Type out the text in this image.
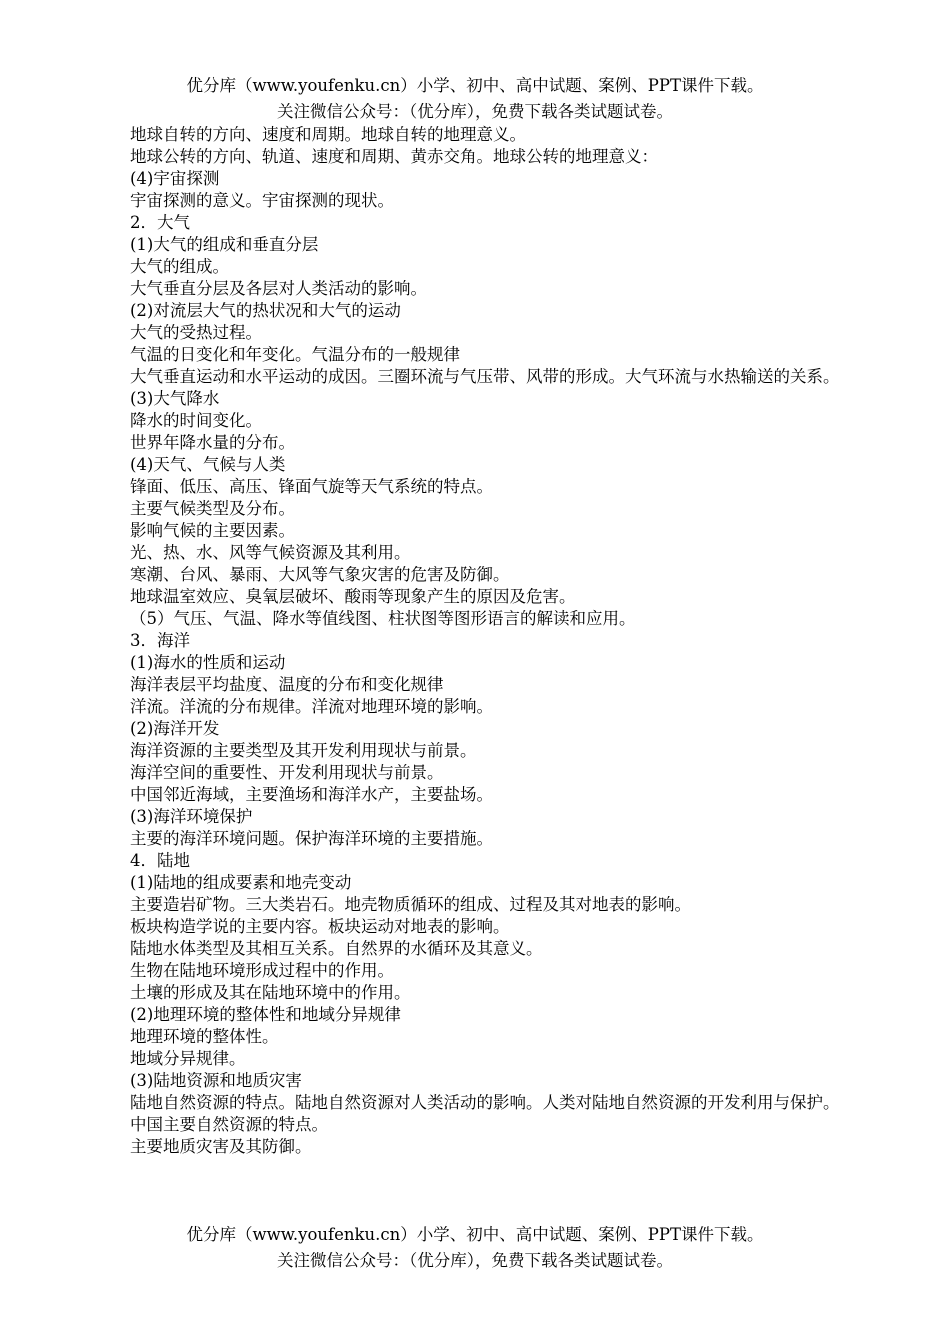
优分库（www.youfenku.cn）小学、初中、高中试题、案例、PPT课件下载。
关注微信公众号：（优分库），免费下载各类试题试卷。
地球自转的方向、速度和周期。地球自转的地理意义。
地球公转的方向、轨道、速度和周期、黄赤交角。地球公转的地理意义：
(4)宇宙探测
宇宙探测的意义。宇宙探测的现状。
2．大气
(1)大气的组成和垂直分层
大气的组成。
大气垂直分层及各层对人类活动的影响。
(2)对流层大气的热状况和大气的运动
大气的受热过程。
气温的日变化和年变化。气温分布的一般规律
大气垂直运动和水平运动的成因。三圈环流与气压带、风带的形成。大气环流与水热输送的关系。
(3)大气降水
降水的时间变化。
世界年降水量的分布。
(4)天气、气候与人类
锋面、低压、高压、锋面气旋等天气系统的特点。
主要气候类型及分布。
影响气候的主要因素。
光、热、水、风等气候资源及其利用。
寒潮、台风、暴雨、大风等气象灾害的危害及防御。
地球温室效应、臭氧层破坏、酸雨等现象产生的原因及危害。
（5）气压、气温、降水等值线图、柱状图等图形语言的解读和应用。
3．海洋
(1)海水的性质和运动
海洋表层平均盐度、温度的分布和变化规律
洋流。洋流的分布规律。洋流对地理环境的影响。
(2)海洋开发
海洋资源的主要类型及其开发利用现状与前景。
海洋空间的重要性、开发利用现状与前景。
中国邻近海域，主要渔场和海洋水产，主要盐场。
(3)海洋环境保护
主要的海洋环境问题。保护海洋环境的主要措施。
4．陆地
(1)陆地的组成要素和地壳变动
主要造岩矿物。三大类岩石。地壳物质循环的组成、过程及其对地表的影响。
板块构造学说的主要内容。板块运动对地表的影响。
陆地水体类型及其相互关系。自然界的水循环及其意义。
生物在陆地环境形成过程中的作用。
土壤的形成及其在陆地环境中的作用。
(2)地理环境的整体性和地域分异规律
地理环境的整体性。
地域分异规律。
(3)陆地资源和地质灾害
陆地自然资源的特点。陆地自然资源对人类活动的影响。人类对陆地自然资源的开发利用与保护。
中国主要自然资源的特点。
主要地质灾害及其防御。
优分库（www.youfenku.cn）小学、初中、高中试题、案例、PPT课件下载。
关注微信公众号：（优分库），免费下载各类试题试卷。
